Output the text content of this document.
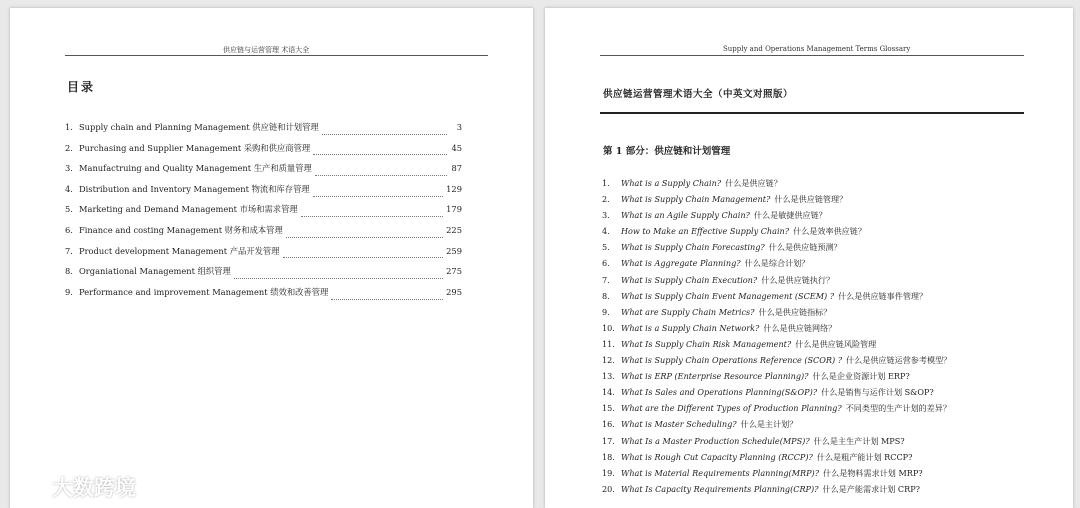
供应链与运营管理 术语大全
目录
1. Supply chain and Planning Management 供应链和计划管理	3
2. Purchasing and Supplier Management 采购和供应商管理	45
3. Manufactruing and Quality Management 生产和质量管理	87
4. Distribution and Inventory Management 物流和库存管理	129
5. Marketing and Demand Management 市场和需求管理	179
6. Finance and costing Management 财务和成本管理	225
7. Product development Management 产品开发管理	259
8. Organiational Management 组织管理	275
9. Performance and improvement Management 绩效和改善管理	295
Supply and Operations Management Terms Glossary
供应链运营管理术语大全（中英文对照版）
第 1 部分：供应链和计划管理
1.	What is a Supply Chain? 什么是供应链？
2.	What is Supply Chain Management? 什么是供应链管理？
3.	What is an Agile Supply Chain? 什么是敏捷供应链？
4.	How to Make an Effective Supply Chain? 什么是效率供应链？
5.	What is Supply Chain Forecasting? 什么是供应链预测？
6.	What is Aggregate Planning? 什么是综合计划？
7.	What is Supply Chain Execution? 什么是供应链执行？
8.	What is Supply Chain Event Management (SCEM) ? 什么是供应链事件管理？
9.	What are Supply Chain Metrics? 什么是供应链指标？
10. What is a Supply Chain Network? 什么是供应链网络？
11. What Is Supply Chain Risk Management? 什么是供应链风险管理
12. What is Supply Chain Operations Reference (SCOR) ? 什么是供应链运营参考模型？
13. What is ERP (Enterprise Resource Planning)? 什么是企业资源计划 ERP?
14. What Is Sales and Operations Planning(S&OP)? 什么是销售与运作计划 S&OP?
15. What are the Different Types of Production Planning? 不同类型的生产计划的差异？
16. What is Master Scheduling? 什么是主计划？
17. What Is a Master Production Schedule(MPS)? 什么是主生产计划 MPS?
18. What is Rough Cut Capacity Planning (RCCP)? 什么是粗产能计划 RCCP?
19. What is Material Requirements Planning(MRP)? 什么是物料需求计划 MRP?
20. What Is Capacity Requirements Planning(CRP)? 什么是产能需求计划 CRP?
大数跨境
